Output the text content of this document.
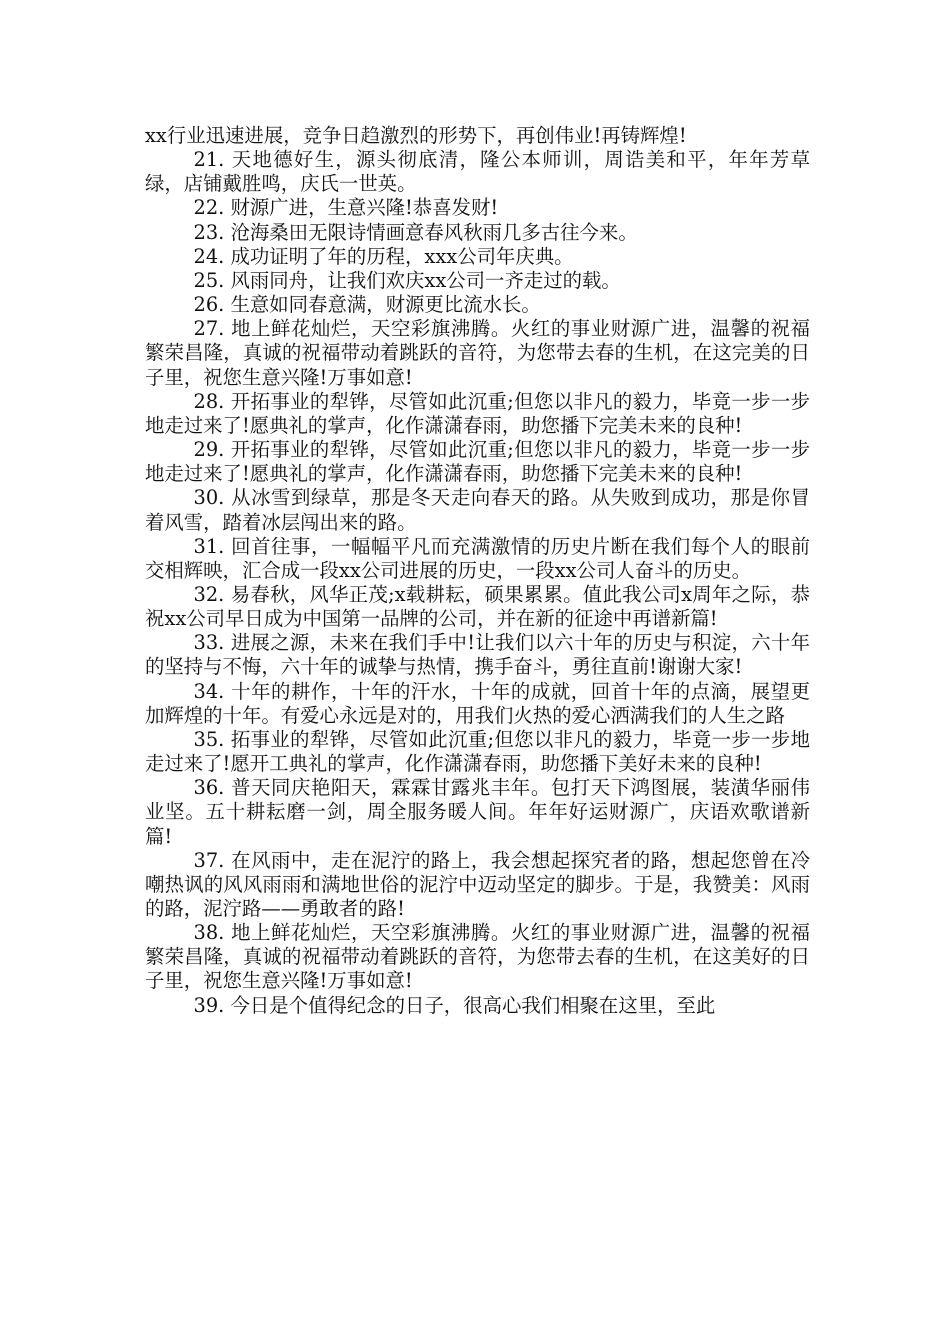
xx行业迅速进展，竞争日趋激烈的形势下，再创伟业!再铸辉煌!

21. 天地德好生，源头彻底清，隆公本师训，周诰美和平，年年芳草绿，店铺戴胜鸣，庆氏一世英。

22. 财源广进，生意兴隆!恭喜发财!

23. 沧海桑田无限诗情画意春风秋雨几多古往今来。

24. 成功证明了年的历程，xxx公司年庆典。

25. 风雨同舟，让我们欢庆xx公司一齐走过的载。

26. 生意如同春意满，财源更比流水长。

27. 地上鲜花灿烂，天空彩旗沸腾。火红的事业财源广进，温馨的祝福繁荣昌隆，真诚的祝福带动着跳跃的音符，为您带去春的生机，在这完美的日子里，祝您生意兴隆!万事如意!

28. 开拓事业的犁铧，尽管如此沉重;但您以非凡的毅力，毕竟一步一步地走过来了!愿典礼的掌声，化作潇潇春雨，助您播下完美未来的良种!

29. 开拓事业的犁铧，尽管如此沉重;但您以非凡的毅力，毕竟一步一步地走过来了!愿典礼的掌声，化作潇潇春雨，助您播下完美未来的良种!

30. 从冰雪到绿草，那是冬天走向春天的路。从失败到成功，那是你冒着风雪，踏着冰层闯出来的路。

31. 回首往事，一幅幅平凡而充满激情的历史片断在我们每个人的眼前交相辉映，汇合成一段xx公司进展的历史，一段xx公司人奋斗的历史。

32. 易春秋，风华正茂;x载耕耘，硕果累累。值此我公司x周年之际，恭祝xx公司早日成为中国第一品牌的公司，并在新的征途中再谱新篇!

33. 进展之源，未来在我们手中!让我们以六十年的历史与积淀，六十年的坚持与不悔，六十年的诚挚与热情，携手奋斗，勇往直前!谢谢大家!

34. 十年的耕作，十年的汗水，十年的成就，回首十年的点滴，展望更加辉煌的十年。有爱心永远是对的，用我们火热的爱心洒满我们的人生之路

35. 拓事业的犁铧，尽管如此沉重;但您以非凡的毅力，毕竟一步一步地走过来了!愿开工典礼的掌声，化作潇潇春雨，助您播下美好未来的良种!

36. 普天同庆艳阳天，霖霖甘露兆丰年。包打天下鸿图展，装潢华丽伟业坚。五十耕耘磨一剑，周全服务暖人间。年年好运财源广，庆语欢歌谱新篇!

37. 在风雨中，走在泥泞的路上，我会想起探究者的路，想起您曾在冷嘲热讽的风风雨雨和满地世俗的泥泞中迈动坚定的脚步。于是，我赞美：风雨的路，泥泞路——勇敢者的路!

38. 地上鲜花灿烂，天空彩旗沸腾。火红的事业财源广进，温馨的祝福繁荣昌隆，真诚的祝福带动着跳跃的音符，为您带去春的生机，在这美好的日子里，祝您生意兴隆!万事如意!

39. 今日是个值得纪念的日子，很高心我们相聚在这里，至此
